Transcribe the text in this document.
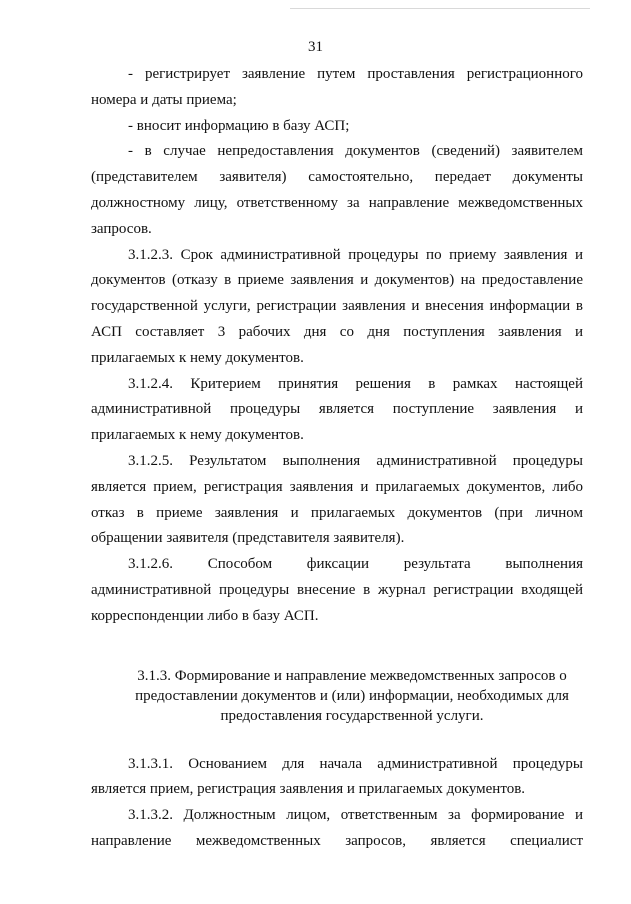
31

- регистрирует заявление путем проставления регистрационного номера и даты приема;

- вносит информацию в базу АСП;

- в случае непредоставления документов (сведений) заявителем (представителем заявителя) самостоятельно, передает документы должностному лицу, ответственному за направление межведомственных запросов.

3.1.2.3. Срок административной процедуры по приему заявления и документов (отказу в приеме заявления и документов) на предоставление государственной услуги, регистрации заявления и внесения информации в АСП составляет 3 рабочих дня со дня поступления заявления и прилагаемых к нему документов.

3.1.2.4. Критерием принятия решения в рамках настоящей административной процедуры является поступление заявления и прилагаемых к нему документов.

3.1.2.5. Результатом выполнения административной процедуры является прием, регистрация заявления и прилагаемых документов, либо отказ в приеме заявления и прилагаемых документов (при личном обращении заявителя (представителя заявителя).

3.1.2.6. Способом фиксации результата выполнения административной процедуры внесение в журнал регистрации входящей корреспонденции либо в базу АСП.

3.1.3. Формирование и направление межведомственных запросов о
предоставлении документов и (или) информации, необходимых для
предоставления государственной услуги.

3.1.3.1. Основанием для начала административной процедуры является прием, регистрация заявления и прилагаемых документов.

3.1.3.2. Должностным лицом, ответственным за формирование и направление межведомственных запросов, является специалист
